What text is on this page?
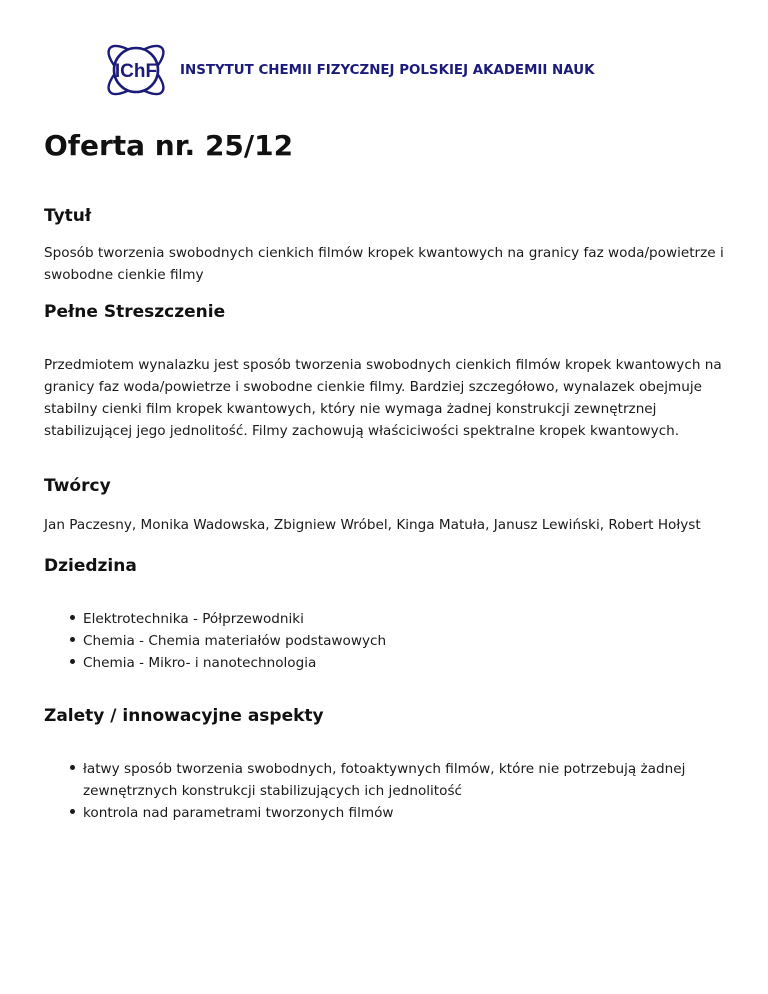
IChF INSTYTUT CHEMII FIZYCZNEJ POLSKIEJ AKADEMII NAUK
Oferta nr. 25/12
Tytuł

Sposób tworzenia swobodnych cienkich filmów kropek kwantowych na granicy faz woda/powietrze i swobodne cienkie filmy

Pełne Streszczenie

Przedmiotem wynalazku jest sposób tworzenia swobodnych cienkich filmów kropek kwantowych na granicy faz woda/powietrze i swobodne cienkie filmy. Bardziej szczegółowo, wynalazek obejmuje stabilny cienki film kropek kwantowych, który nie wymaga żadnej konstrukcji zewnętrznej stabilizującej jego jednolitość. Filmy zachowują właściciwości spektralne kropek kwantowych.

Twórcy

Jan Paczesny, Monika Wadowska, Zbigniew Wróbel, Kinga Matuła, Janusz Lewiński, Robert Hołyst

Dziedzina
Elektrotechnika - Półprzewodniki
Chemia - Chemia materiałów podstawowych
Chemia - Mikro- i nanotechnologia
Zalety / innowacyjne aspekty
łatwy sposób tworzenia swobodnych, fotoaktywnych filmów, które nie potrzebują żadnej zewnętrznych konstrukcji stabilizujących ich jednolitość
kontrola nad parametrami tworzonych filmów
